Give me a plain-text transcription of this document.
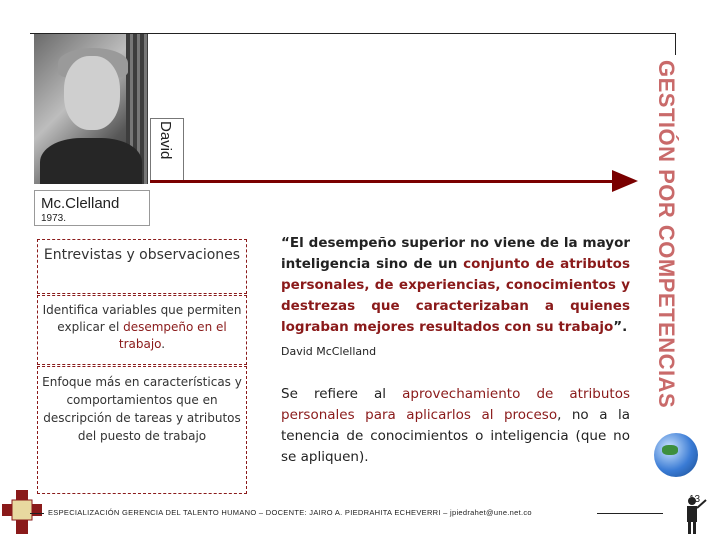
David
Mc.Clelland
1973.
Entrevistas y observaciones
Identifica variables que permiten explicar el desempeño en el trabajo.
Enfoque más en características y comportamientos que en descripción de tareas y atributos del puesto de trabajo
“El desempeño superior no viene de la mayor inteligencia sino de un conjunto de atributos personales, de experiencias, conocimientos y destrezas que caracterizaban a quienes lograban mejores resultados con su trabajo”.
David McClelland
Se refiere al aprovechamiento de atributos personales para aplicarlos al proceso, no a la tenencia de conocimientos o inteligencia (que no se apliquen).
GESTIÓN POR COMPETENCIAS
ESPECIALIZACIÓN GERENCIA DEL TALENTO HUMANO – DOCENTE: JAIRO A. PIEDRAHITA ECHEVERRI – jpiedrahet@une.net.co
13
